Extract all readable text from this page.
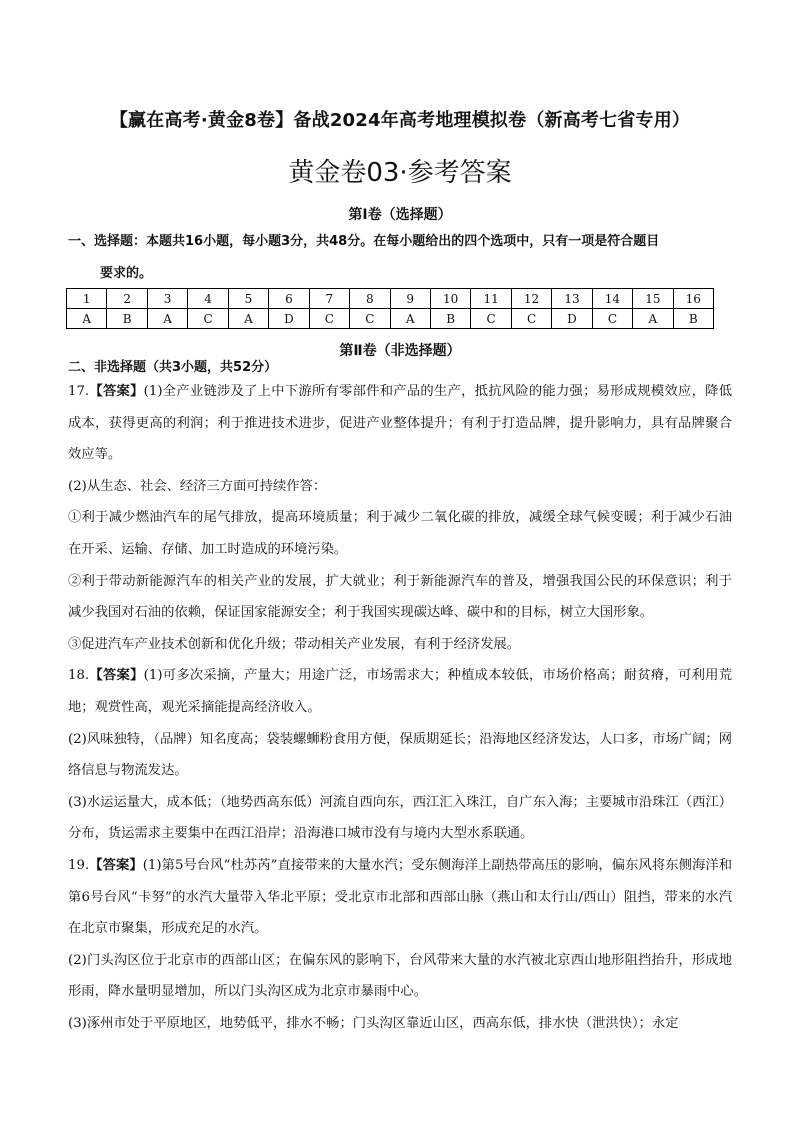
【赢在高考·黄金8卷】备战2024年高考地理模拟卷（新高考七省专用）
黄金卷03·参考答案
第Ⅰ卷（选择题）
一、选择题：本题共16小题，每小题3分，共48分。在每小题给出的四个选项中，只有一项是符合题目
要求的。
1	2	3	4	5	6	7	8	9	10	11	12	13	14	15	16
A	B	A	C	A	D	C	C	A	B	C	C	D	C	A	B
第Ⅱ卷（非选择题）
二、非选择题（共3小题，共52分）

17.【答案】(1)全产业链涉及了上中下游所有零部件和产品的生产，抵抗风险的能力强；易形成规模效应，降低成本，获得更高的利润；利于推进技术进步，促进产业整体提升；有利于打造品牌，提升影响力，具有品牌聚合效应等。

(2)从生态、社会、经济三方面可持续作答：

①利于减少燃油汽车的尾气排放，提高环境质量；利于减少二氧化碳的排放，减缓全球气候变暖；利于减少石油在开采、运输、存储、加工时造成的环境污染。

②利于带动新能源汽车的相关产业的发展，扩大就业；利于新能源汽车的普及，增强我国公民的环保意识；利于减少我国对石油的依赖，保证国家能源安全；利于我国实现碳达峰、碳中和的目标，树立大国形象。

③促进汽车产业技术创新和优化升级；带动相关产业发展，有利于经济发展。

18.【答案】(1)可多次采摘，产量大；用途广泛，市场需求大；种植成本较低，市场价格高；耐贫瘠，可利用荒地；观赏性高，观光采摘能提高经济收入。

(2)风味独特，（品牌）知名度高；袋装螺蛳粉食用方便，保质期延长；沿海地区经济发达，人口多，市场广阔；网络信息与物流发达。

(3)水运运量大，成本低；（地势西高东低）河流自西向东，西江汇入珠江，自广东入海；主要城市沿珠江（西江）分布，货运需求主要集中在西江沿岸；沿海港口城市没有与境内大型水系联通。

19.【答案】(1)第5号台风“杜苏芮”直接带来的大量水汽；受东侧海洋上副热带高压的影响，偏东风将东侧海洋和第6号台风“卡努”的水汽大量带入华北平原；受北京市北部和西部山脉（燕山和太行山/西山）阻挡，带来的水汽在北京市聚集，形成充足的水汽。

(2)门头沟区位于北京市的西部山区；在偏东风的影响下，台风带来大量的水汽被北京西山地形阻挡抬升，形成地形雨，降水量明显增加，所以门头沟区成为北京市暴雨中心。

(3)涿州市处于平原地区，地势低平，排水不畅；门头沟区靠近山区，西高东低，排水快（泄洪快）；永定
